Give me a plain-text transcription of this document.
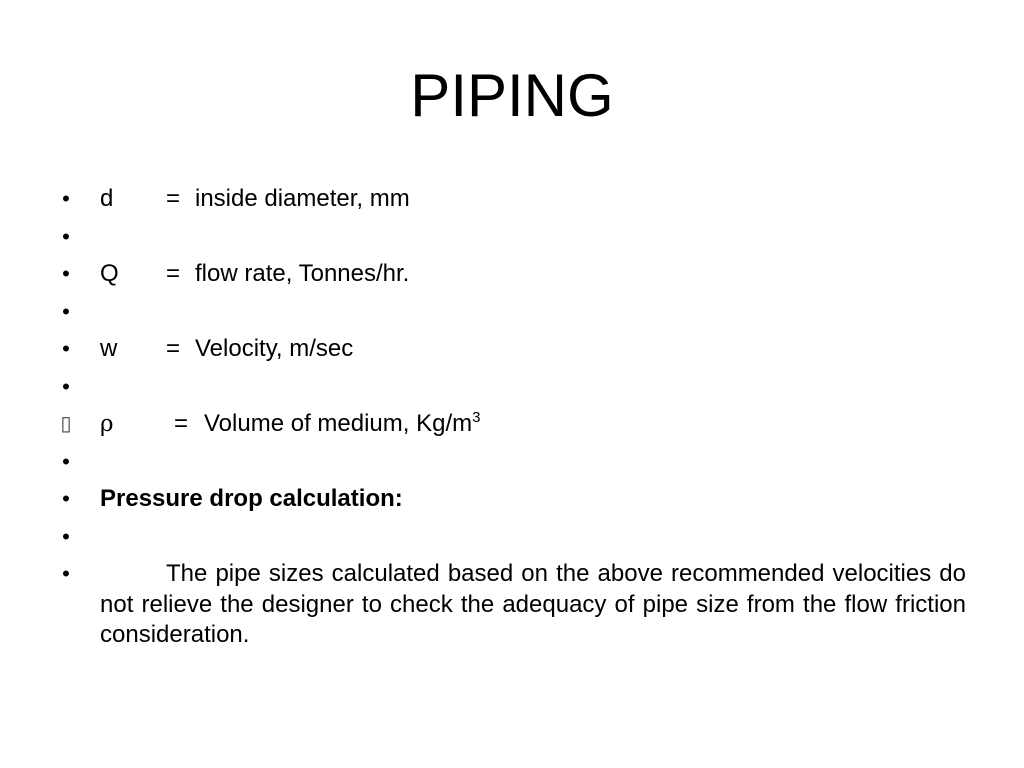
PIPING
• d = inside diameter, mm
•
• Q = flow rate, Tonnes/hr.
•
• w = Velocity, m/sec
•
▯ ρ	= Volume of medium, $Kg/m^3$
•
• Pressure drop calculation:
•
•	The pipe sizes calculated based on the above recommended velocities do not relieve the designer to check the adequacy of pipe size from the flow friction consideration.
